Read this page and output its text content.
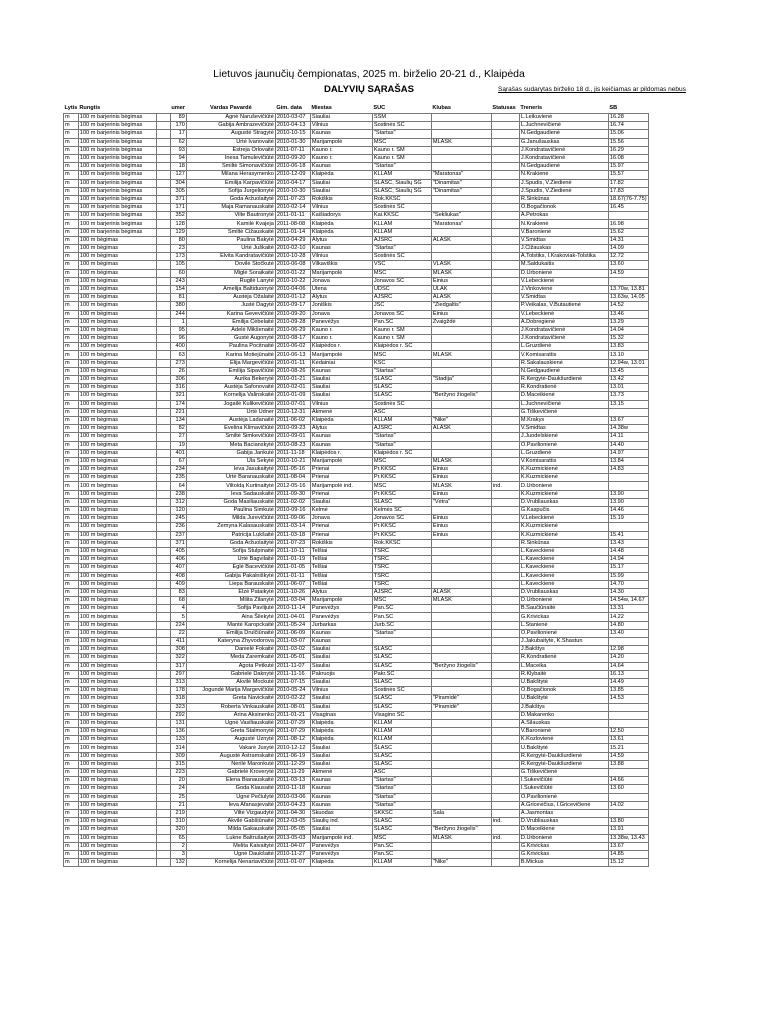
Lietuvos jaunučių čempionatas, 2025 m. birželio 20-21 d., Klaipėda
DALYVIŲ SĄRAŠAS	Sąrašas sudarytas birželio 18 d., jis keičiamas ar pildomas nebus
Lytis	Rungtis		umer	Vardas Pavardė	Gim. data	Miestas	SUC	Klubas	Statusas	Treneris	SB
m	100 m barjerinis bėgimas		89	Agnė Naruševičiūtė	2010-03-07	Šiauliai	ŠSM			L.Leikuvienė	16.28
m	100 m barjerinis bėgimas		170	Gabija Ambrazevičiūtė	2010-04-13	Vilnius	Sostinės SC			L.Juchnevičienė	16.74
m	100 m barjerinis bėgimas		17	Augustė Stragytė	2010-10-15	Kaunas	"Startas"			N.Gedgaudienė	15.06
m	100 m barjerinis bėgimas		62	Urtė Ivanovaitė	2010-01-30	Marijampolė	MSC	MLASK		G.Janušauskas	15.56
m	100 m barjerinis bėgimas		93	Estreja Orlovaitė	2011-07-11	Kauno r.	Kauno r. SM			J.Kondratavičienė	16.29
m	100 m barjerinis bėgimas		94	Inesa Tamulevičiūtė	2010-09-20	Kauno r.	Kauno r. SM			J.Kondratavičienė	16.08
m	100 m barjerinis bėgimas		18	Smiltė Simonavičiūtė	2010-06-18	Kaunas	"Startas"			N.Gedgaudienė	15.97
m	100 m barjerinis bėgimas		127	Milana Herasymenko	2010-12-09	Klaipėda	KLLAM	"Maratonas"		N.Krakienė	15.57
m	100 m barjerinis bėgimas		304	Emilija Karpavičiūtė	2010-04-17	Šiauliai	ŠLASC, Šiaulių SG	"Dinamitas"		J.Spudis, V.Žiedienė	17.82
m	100 m barjerinis bėgimas		305	Sofija Jurgelionytė	2010-10-30	Šiauliai	ŠLASC, Šiaulių SG	"Dinamitas"		J.Spudis, V.Žiedienė	17.83
m	100 m barjerinis bėgimas		371	Goda Aržuolaitytė	2011-07-23	Rokiškis	Rok.KKSC			R.Sinkūnas	18.67(76-7.75)
m	100 m barjerinis bėgimas		171	Maja Ramanauskaitė	2010-02-14	Vilnius	Sostinės SC			O.Bogačionok	16.45
m	100 m barjerinis bėgimas		352	Vilte Bautronytė	2011-01-11	Kaišiadorys	Kai.KKSC	"Sekliukas"		A.Petrokas	
m	100 m barjerinis bėgimas		128	Kamilė Kvajeja	2011-08-08	Klaipėda	KLLAM	"Maratonas"		N.Krakienė	16.98
m	100 m barjerinis bėgimas		129	Smiltė Čižauskaitė	2011-01-14	Klaipėda	KLLAM			V.Baronienė	15.62
m	100 m bėgimas		80	Paulina Bakytė	2010-04-29	Alytus	AJSRC	ALASK		V.Smidtas	14.31
m	100 m bėgimas		23	Urtė Juškaitė	2010-02-10	Kaunas	"Startas"			J.Čižauskas	14.09
m	100 m bėgimas		173	Elvita Kandratavičiūtė	2010-10-28	Vilnius	Sostinės SC			A.Tolstiks, I.Krakoviak-Tolstika	12.72
m	100 m bėgimas		105	Dovilė Stočkutė	2010-06-08	Vilkaviškis	VSC	VLASK		M.Saldukaitis	13.60
m	100 m bėgimas		60	Miglė Šoraikaitė	2010-01-22	Marijampolė	MSC	MLASK		D.Urbonienė	14.59
m	100 m bėgimas		243	Rugilė Lanytė	2010-10-22	Jonava	Jonavos SC	Einius		V.Lebeckienė	
m	100 m bėgimas		154	Amelija Baltiduonytė	2010-04-06	Utena	UDSC	ULAK		J.Vinkovienė	13.70w, 13.81
m	100 m bėgimas		81	Austėja Ožalaitė	2010-01-12	Alytus	AJSRC	ALASK		V.Smidtas	13.63w, 14.05
m	100 m bėgimas		380	Justė Dagytė	2010-09-17	Joniškis	JSC	"Žiedgaltis"		P.Veikalas, V.Butautienė	14.52
m	100 m bėgimas		244	Karina Gevevičiūtė	2010-09-20	Jonava	Jonavos SC	Einius		V.Lebeckienė	13.46
m	100 m bėgimas		1	Emilija Čėbelaitė	2010-09-28	Panevėžys	Pan.SC	Žvaigždė		A.Dobregienė	13.29
m	100 m bėgimas		95	Adelė Mikšenaitė	2010-06-29	Kauno r.	Kauno r. SM			J.Kondratavičienė	14.04
m	100 m bėgimas		96	Gustė Augonytė	2010-08-17	Kauno r.	Kauno r. SM			J.Kondratavičienė	15.32
m	100 m bėgimas		400	Paulina Pocitnaitė	2010-06-02	Klaipėdos r.	Klaipėdos r. SC			L.Gruzdienė	13.83
m	100 m bėgimas		63	Karina Motiejūnaitė	2010-06-13	Marijampolė	MSC	MLASK		V.Komisarattis	13.10
m	100 m bėgimas		273	Elija Margevičiūtė	2010-01-11	Kėdainiai	KSC			R.Sakalauskienė	12.94w, 13.01
m	100 m bėgimas		26	Emilija Šipavičiūtė	2010-08-26	Kaunas	"Startas"			N.Gedgaudienė	13.45
m	100 m bėgimas		306	Aurika Bekerytė	2010-01-21	Šiauliai	ŠLASC	"Stadija"		R.Kergytė-Daukšurdienė	13.42
m	100 m bėgimas		316	Austėja Šafonovaitė	2010-02-01	Šiauliai	ŠLASC			R.Kondratienė	13.01
m	100 m bėgimas		321	Kornelija Valinskaitė	2010-01-09	Šiauliai	ŠLASC	"Beržyno žiogelis"		D.Maceikienė	13.73
m	100 m bėgimas		174	Jogailė Kulikevičiūtė	2010-07-01	Vilnius	Sostinės SC			L.Juchnevičienė	13.15
m	100 m bėgimas		221	Urtė Ūdner	2010-12-31	Akmenė	ASC			G.Tiškevičienė	
m	100 m bėgimas		134	Austėja Ladanaitė	2011-06-02	Klaipėda	KLLAM	"Nike"		M.Krakys	13.67
m	100 m bėgimas		82	Evelina Klimavičiūtė	2010-09-23	Alytus	AJSRC	ALASK		V.Smidtas	14.38w
m	100 m bėgimas		27	Smiltė Šimkevičiūtė	2010-09-01	Kaunas	"Startas"			J.Juodelskienė	14.11
m	100 m bėgimas		19	Meta Bacianskytė	2010-08-23	Kaunas	"Startas"			O.Pavilionienė	14.40
m	100 m bėgimas		401	Gabija Jankutė	2011-11-18	Klaipėdos r.	Klaipėdos r. SC			L.Gruzdienė	14.97
m	100 m bėgimas		67	Ula Sekytė	2010-10-21	Marijampolė	MSC	MLASK		V.Komisarattis	13.84
m	100 m bėgimas		234	Ieva Jasukaitytė	2011-05-16	Prienai	Pr.KKSC	Einius		K.Kuzmickienė	14.83
m	100 m bėgimas		235	Urtė Baranauskaitė	2011-08-04	Prienai	Pr.KKSC	Einius		K.Kuzmickienė	
m	100 m bėgimas		64	Viltoldą Kurtinaitytė	2012-05-16	Marijampolė ind.	MSC	MLASK	ind.	D.Urbonienė	
m	100 m bėgimas		238	Ieva Sadauskaitė	2011-09-30	Prienai	Pr.KKSC	Einius		K.Kuzmickienė	13.90
m	100 m bėgimas		312	Goda Masiliauskaitė	2011-02-02	Šiauliai	ŠLASC	"Vėtra"		D.Vrubliauskas	13.90
m	100 m bėgimas		120	Paulina Šimkutė	2010-09-16	Kelmė	Kelmės SC			G.Kaspučis	14.46
m	100 m bėgimas		245	Milda Jurevičiūtė	2011-09-06	Jonava	Jonavos SC	Einius		V.Lebeckienė	15.19
m	100 m bėgimas		236	Žemyna Kalasauskaitė	2011-03-14	Prienai	Pr.KKSC	Einius		K.Kuzmickienė	
m	100 m bėgimas		237	Patricija Lukšaitė	2011-03-18	Prienai	Pr.KKSC	Einius		K.Kuzmickienė	15.41
m	100 m bėgimas		371	Goda Aržuolaitytė	2011-07-23	Rokiškis	Rok.KKSC			R.Sinkūnas	13.43
m	100 m bėgimas		405	Sofija Stulpinaitė	2011-10-11	Telšiai	TSRC			L.Kaveckienė	14.48
m	100 m bėgimas		406	Urtė Bagvilaitė	2011-01-19	Telšiai	TSRC			L.Kaveckienė	14.94
m	100 m bėgimas		407	Eglė Bacevičiūtė	2011-01-05	Telšiai	TSRC			L.Kaveckienė	15.17
m	100 m bėgimas		408	Gabija Pakalniškytė	2011-01-11	Telšiai	TSRC			L.Kaveckienė	15.99
m	100 m bėgimas		409	Liepa Barauskaitė	2011-06-07	Telšiai	TSRC			L.Kaveckienė	14.70
m	100 m bėgimas		83	Elzė Pataikytė	2011-10-26	Alytus	AJSRC	ALASK		D.Vrubliauskas	14.30
m	100 m bėgimas		68	Milita Žilanytė	2011-03-04	Marijampolė	MSC	MLASK		D.Urbonienė	14.54w, 14.67
m	100 m bėgimas		4	Sofija Pavlijutė	2010-11-14	Panevėžys	Pan.SC			B.Saučiūnaitė	13.31
m	100 m bėgimas		5	Aina Šilekytė	2011-04-01	Panevėžys	Pan.SC			G.Krivickas	14.22
m	100 m bėgimas		224	Mantė Karopckaitė	2011-05-24	Jurbarkas	Jurb.SC			L.Stanienė	14.80
m	100 m bėgimas		22	Emilija Drulčiūnaitė	2011-06-09	Kaunas	"Startas"			O.Pavilionienė	13.40
m	100 m bėgimas		411	Kateryna Zhyvodorova	2011-03-07	Kaunas				J.Jakubaitytė, K.Shastun	
m	100 m bėgimas		308	Danielė Fokaitė	2011-03-02	Šiauliai	ŠLASC			J.Bakštys	12.98
m	100 m bėgimas		322	Meda Zaremkaitė	2011-05-01	Šiauliai	ŠLASC			R.Kondratienė	14.20
m	100 m bėgimas		317	Agota Petkutė	2011-11-07	Šiauliai	ŠLASC	"Beržyno žiogelis"		L.Maceika	14.64
m	100 m bėgimas		297	Gabrielė Daknytė	2011-11-16	Pakruojis	Pakr.SC			R.Klybaitė	16.13
m	100 m bėgimas		313	Akvilė Mockutė	2011-07-15	Šiauliai	ŠLASC			U.Bakštytė	14.49
m	100 m bėgimas		178	Jogundė Marija Margevičiūtė	2010-05-24	Vilnius	Sostinės SC			O.Bogačionok	13.85
m	100 m bėgimas		318	Greta Navickaitė	2010-02-22	Šiauliai	ŠLASC	"Piramidė"		U.Bakštytė	14.53
m	100 m bėgimas		323	Roberta Vinkauskaitė	2011-08-01	Šiauliai	ŠLASC	"Piramidė"		J.Bakštys	
m	100 m bėgimas		292	Arina Aksinenko	2011-01-21	Visaginas	Visagino SC			D.Makarenko	
m	100 m bėgimas		131	Ugnė Vasiliauskaitė	2011-07-29	Klaipėda	KLLAM			A.Šilauskas	
m	100 m bėgimas		136	Greta Stalmonytė	2011-07-29	Klaipėda	KLLAM			V.Baronienė	12.50
m	100 m bėgimas		133	Augustė Uznytė	2011-08-12	Klaipėda	KLLAM			K.Kozlovienė	13.61
m	100 m bėgimas		314	Vakarė Jusytė	2010-12-12	Šiauliai	ŠLASC			U.Bakštytė	15.21
m	100 m bėgimas		309	Augustė Astramskaitė	2011-06-19	Šiauliai	ŠLASC			R.Kergytė-Daukšurdienė	14.59
m	100 m bėgimas		315	Nerilė Maronkutė	2011-12-29	Šiauliai	ŠLASC			R.Kergytė-Daukšurdienė	13.88
m	100 m bėgimas		223	Gabrielė Kroverytė	2011-11-29	Akmenė	ASC			G.Tiškevičienė	
m	100 m bėgimas		20	Elena Bianauskaitė	2011-03-13	Kaunas	"Startas"			I.Sukevičiūtė	14.66
m	100 m bėgimas		24	Goda Kiausaitė	2010-11-18	Kaunas	"Startas"			I.Sukevičiūtė	13.60
m	100 m bėgimas		25	Ugnė Pečiulytė	2010-03-06	Kaunas	"Startas"			O.Pavilionienė	
m	100 m bėgimas		21	Ieva Afanasjevaitė	2010-04-23	Kaunas	"Startas"			A.Gricevičius, I.Gricevičienė	14.02
m	100 m bėgimas		219	Viltė Vizgaudytė	2011-04-30	Skuodas	SKKSC	Sala		A.Jasmontas	
m	100 m bėgimas		310	Akvilė Gabšiūnaitė	2012-03-05	Šiaulių ind.	ŠLASC		ind.	D.Vrubliauskas	13.80
m	100 m bėgimas		320	Milda Gakauskaitė	2011-05-05	Šiauliai	ŠLASC	"Beržyno žiogelis"		D.Maceikienė	13.91
m	100 m bėgimas		65	Lukne Baltrušaitytė	2013-05-03	Marijampolė ind.	MSC	MLASK	ind.	D.Urbonienė	13.38w, 13.43
m	100 m bėgimas		2	Melita Kaivaitytė	2011-04-07	Panevėžys	Pan.SC			G.Krivickas	13.67
m	100 m bėgimas		3	Ugnė Daukšaitė	2010-11-27	Panevėžys	Pan.SC			G.Krivickas	14.85
m	100 m bėgimas		132	Kornelija Nenartavičiūtė	2011-01-07	Klaipėda	KLLAM	"Nike"		B.Mickus	15.12
